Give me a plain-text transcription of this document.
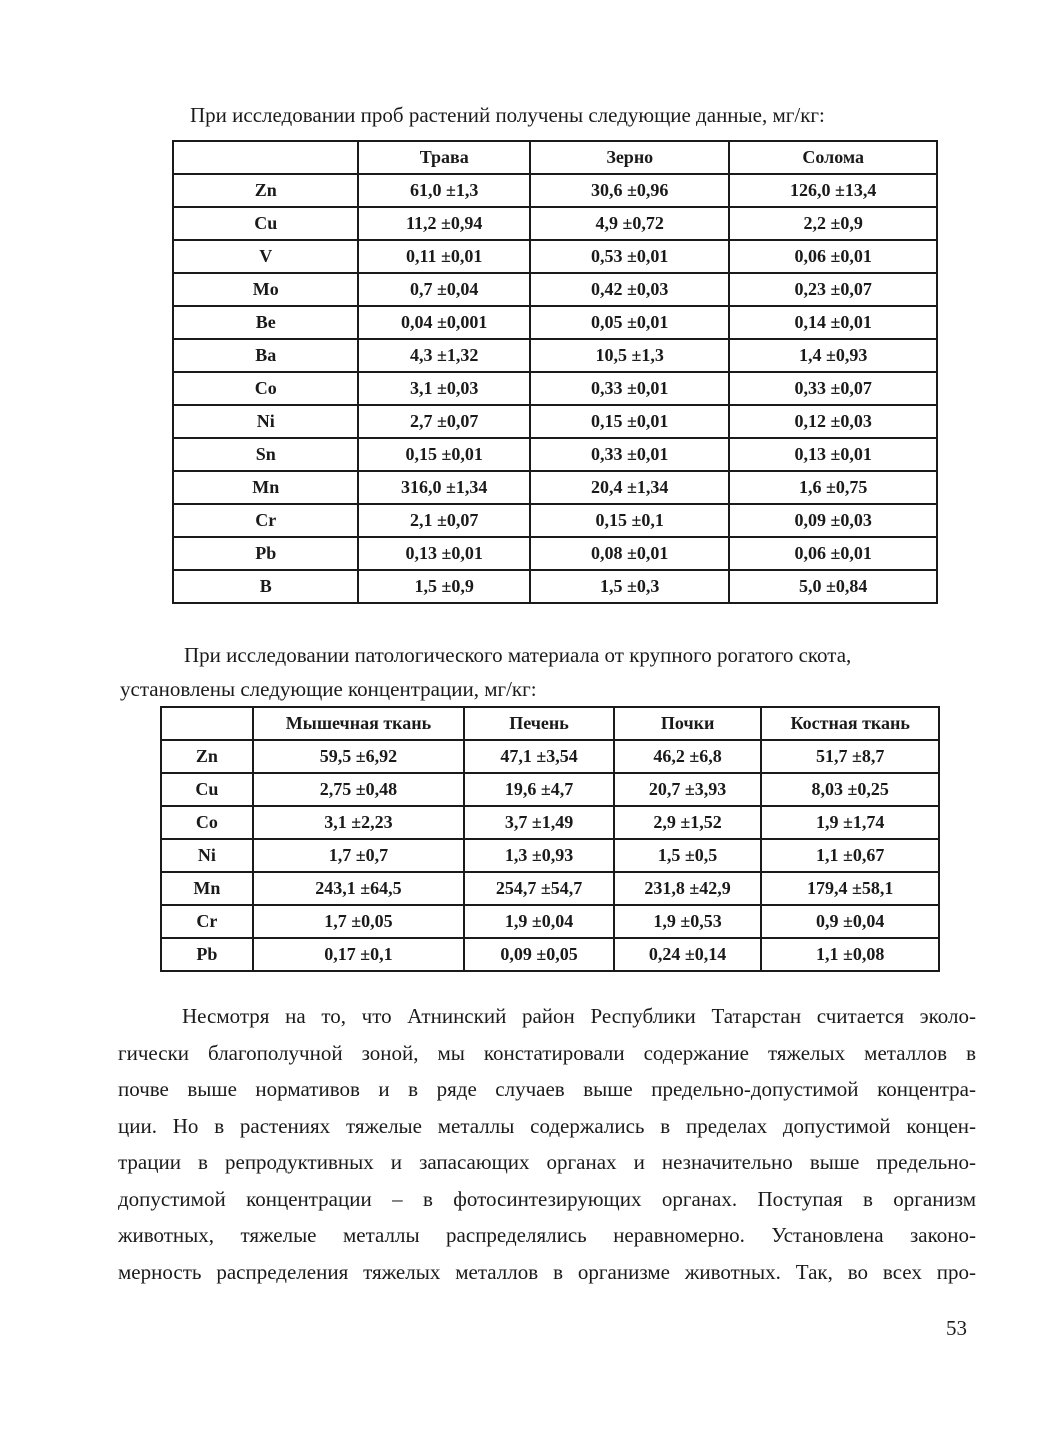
При исследовании проб растений получены следующие данные, мг/кг:
	Трава	Зерно	Солома
Zn	61,0 ±1,3	30,6 ±0,96	126,0 ±13,4
Cu	11,2 ±0,94	4,9 ±0,72	2,2 ±0,9
V	0,11 ±0,01	0,53 ±0,01	0,06 ±0,01
Mo	0,7 ±0,04	0,42 ±0,03	0,23 ±0,07
Be	0,04 ±0,001	0,05 ±0,01	0,14 ±0,01
Ba	4,3 ±1,32	10,5 ±1,3	1,4 ±0,93
Co	3,1 ±0,03	0,33 ±0,01	0,33 ±0,07
Ni	2,7 ±0,07	0,15 ±0,01	0,12 ±0,03
Sn	0,15 ±0,01	0,33 ±0,01	0,13 ±0,01
Mn	316,0 ±1,34	20,4 ±1,34	1,6 ±0,75
Cr	2,1 ±0,07	0,15 ±0,1	0,09 ±0,03
Pb	0,13 ±0,01	0,08 ±0,01	0,06 ±0,01
B	1,5 ±0,9	1,5 ±0,3	5,0 ±0,84
При исследовании патологического материала от крупного рогатого скота,
установлены следующие концентрации, мг/кг:
	Мышечная ткань	Печень	Почки	Костная ткань
Zn	59,5 ±6,92	47,1 ±3,54	46,2 ±6,8	51,7 ±8,7
Cu	2,75 ±0,48	19,6 ±4,7	20,7 ±3,93	8,03 ±0,25
Co	3,1 ±2,23	3,7 ±1,49	2,9 ±1,52	1,9 ±1,74
Ni	1,7 ±0,7	1,3 ±0,93	1,5 ±0,5	1,1 ±0,67
Mn	243,1 ±64,5	254,7 ±54,7	231,8 ±42,9	179,4 ±58,1
Cr	1,7 ±0,05	1,9 ±0,04	1,9 ±0,53	0,9 ±0,04
Pb	0,17 ±0,1	0,09 ±0,05	0,24 ±0,14	1,1 ±0,08
Несмотря на то, что Атнинский район Республики Татарстан считается эколо-
гически благополучной зоной, мы констатировали содержание тяжелых металлов в
почве выше нормативов и в ряде случаев выше предельно-допустимой концентра-
ции. Но в растениях тяжелые металлы содержались в пределах допустимой концен-
трации в репродуктивных и запасающих органах и незначительно выше предельно-
допустимой концентрации – в фотосинтезирующих органах. Поступая в организм
животных, тяжелые металлы распределялись неравномерно. Установлена законо-
мерность распределения тяжелых металлов в организме животных. Так, во всех про-
53
